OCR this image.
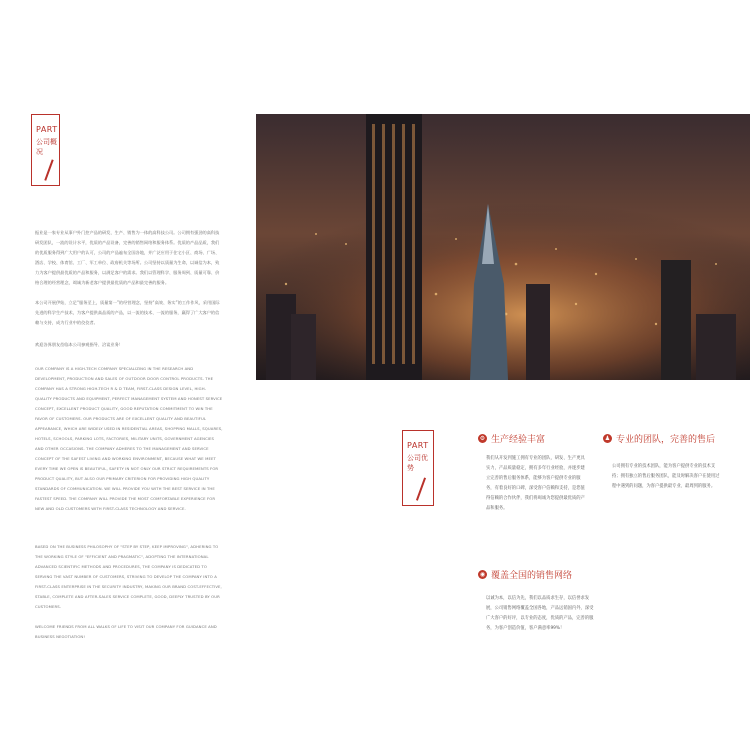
PART
公司概况

振业是一家专业从事户外门控产品的研发、生产、销售为一体的高科技公司。公司拥有强劲的高科技研发团队，一流的设计水平，优质的产品设备，完善的销售网络和服务体系。优质的产品品质，我们的优质服务得到广大用户的认可，公司的产品遍布全国各地，并广泛应用于住宅小区、商场、广场、酒店、学校、体育馆、工厂、军工单位、政府机关等场所。公司坚持以质量为生命，以诚信为本，致力为客户提供最优质的产品和服务，以满足客户的需求。我们以管理科学、服务周到、质量可靠、价格合理的经营理念，竭诚为新老客户提供最优质的产品和最完善的服务。

本公司开展伊始，立足“服务至上，质量第一”的经营理念，坚持“高效、务实”的工作作风，采用国际先进的科学生产技术，为客户提供高品质的产品，以一流的技术、一流的服务，赢得了广大客户的信赖与支持，成为行业中的佼佼者。

欢迎各界朋友莅临本公司参观指导、洽谈业务！

OUR COMPANY IS A HIGH-TECH COMPANY SPECIALIZING IN THE RESEARCH AND DEVELOPMENT, PRODUCTION AND SALES OF OUTDOOR DOOR CONTROL PRODUCTS. THE COMPANY HAS A STRONG HIGH-TECH R & D TEAM, FIRST-CLASS DESIGN LEVEL, HIGH-QUALITY PRODUCTS AND EQUIPMENT, PERFECT MANAGEMENT SYSTEM AND HONEST SERVICE CONCEPT, EXCELLENT PRODUCT QUALITY, GOOD REPUTATION COMMITMENT TO WIN THE FAVOR OF CUSTOMERS. OUR PRODUCTS ARE OF EXCELLENT QUALITY AND BEAUTIFUL APPEARANCE, WHICH ARE WIDELY USED IN RESIDENTIAL AREAS, SHOPPING MALLS, SQUARES, HOTELS, SCHOOLS, PARKING LOTS, FACTORIES, MILITARY UNITS, GOVERNMENT AGENCIES AND OTHER OCCASIONS. THE COMPANY ADHERES TO THE MANAGEMENT AND SERVICE CONCEPT OF THE SAFEST LIVING AND WORKING ENVIRONMENT, BECAUSE WHAT WE MEET EVERY TIME WE OPEN IS BEAUTIFUL, SAFETY IN NOT ONLY OUR STRICT REQUIREMENTS FOR PRODUCT QUALITY, BUT ALSO OUR PRIMARY CRITERION FOR PROVIDING HIGH QUALITY STANDARDS OF COMMUNICATION. WE WILL PROVIDE YOU WITH THE BEST SERVICE IN THE FASTEST SPEED. THE COMPANY WILL PROVIDE THE MOST COMFORTABLE EXPERIENCE FOR NEW AND OLD CUSTOMERS WITH FIRST-CLASS TECHNOLOGY AND SERVICE.

BASED ON THE BUSINESS PHILOSOPHY OF "STEP BY STEP, KEEP IMPROVING", ADHERING TO THE WORKING STYLE OF "EFFICIENT AND PRAGMATIC", ADOPTING THE INTERNATIONAL ADVANCED SCIENTIFIC METHODS AND PROCEDURES, THE COMPANY IS DEDICATED TO SERVING THE VAST NUMBER OF CUSTOMERS, STRIVING TO DEVELOP THE COMPANY INTO A FIRST-CLASS ENTERPRISE IN THE SECURITY INDUSTRY, MAKING OUR BRAND COST-EFFECTIVE, STABLE, COMPLETE AND AFTER-SALES SERVICE COMPLETE, GOOD, DEEPLY TRUSTED BY OUR CUSTOMERS.

WELCOME FRIENDS FROM ALL WALKS OF LIFE TO VISIT OUR COMPANY FOR GUIDANCE AND BUSINESS NEGOTIATION!

PART
公司优势
⚙ 生产经验丰富
我们从开发到施工拥有专业的团队，研发、生产更具实力，产品质量稳定，拥有多年行业经验，并逐步建立完善的售后服务体系，能够为客户提供专业的服务，有着良好的口碑，深受客户信赖和支持，是您值得信赖的合作伙伴，我们将竭诚为您提供最优质的产品和服务。
♟ 专业的团队，完善的售后
公司拥有专业的技术团队，能为客户提供专业的技术支持；拥有独立的售后服务团队，能及时解决客户在使用过程中遇到的问题，为客户提供最专业、最周到的服务。
◉ 覆盖全国的销售网络
以诚为本，以信为先，我们以品质求生存，以信誉求发展，公司销售网络覆盖全国各地，产品远销国内外，深受广大客户的好评，以专业的态度，优质的产品，完善的服务，为客户创造价值，客户满意率99%！
